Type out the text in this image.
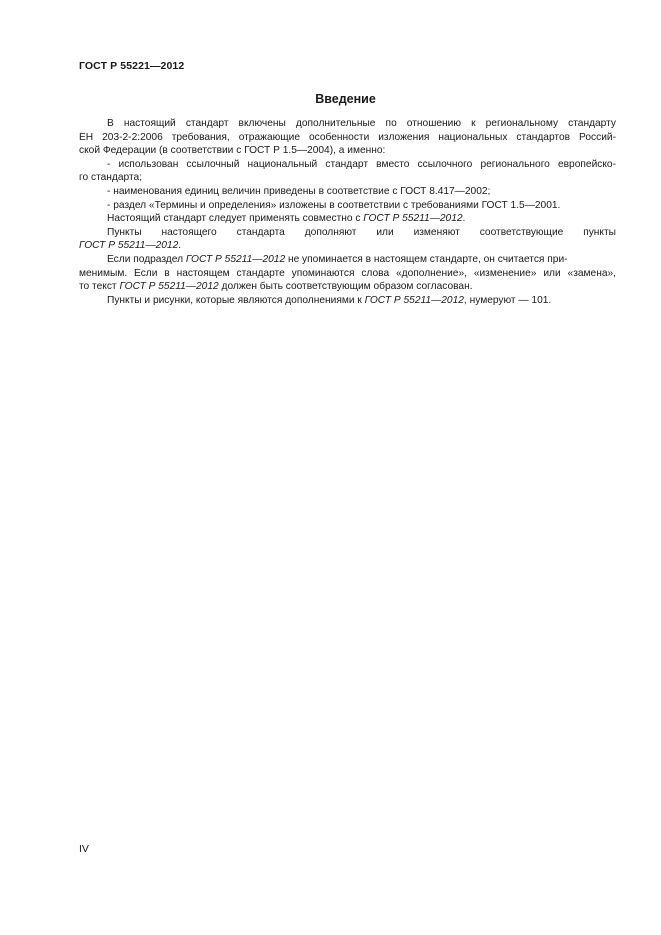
ГОСТ Р 55221—2012
Введение
В настоящий стандарт включены дополнительные по отношению к региональному стандарту
ЕН 203-2-2:2006 требования, отражающие особенности изложения национальных стандартов Россий-
ской Федерации (в соответствии с ГОСТ Р 1.5—2004), а именно:
- использован ссылочный национальный стандарт вместо ссылочного регионального европейско-
го стандарта;
- наименования единиц величин приведены в соответствие с ГОСТ 8.417—2002;
- раздел «Термины и определения» изложены в соответствии с требованиями ГОСТ 1.5—2001.
Настоящий стандарт следует применять совместно с ГОСТ Р 55211—2012.
Пункты настоящего стандарта дополняют или изменяют соответствующие пункты
ГОСТ Р 55211—2012.
Если подраздел ГОСТ Р 55211—2012 не упоминается в настоящем стандарте, он считается при-
менимым. Если в настоящем стандарте упоминаются слова «дополнение», «изменение» или «замена»,
то текст ГОСТ Р 55211—2012 должен быть соответствующим образом согласован.
Пункты и рисунки, которые являются дополнениями к ГОСТ Р 55211—2012, нумеруют — 101.
IV
